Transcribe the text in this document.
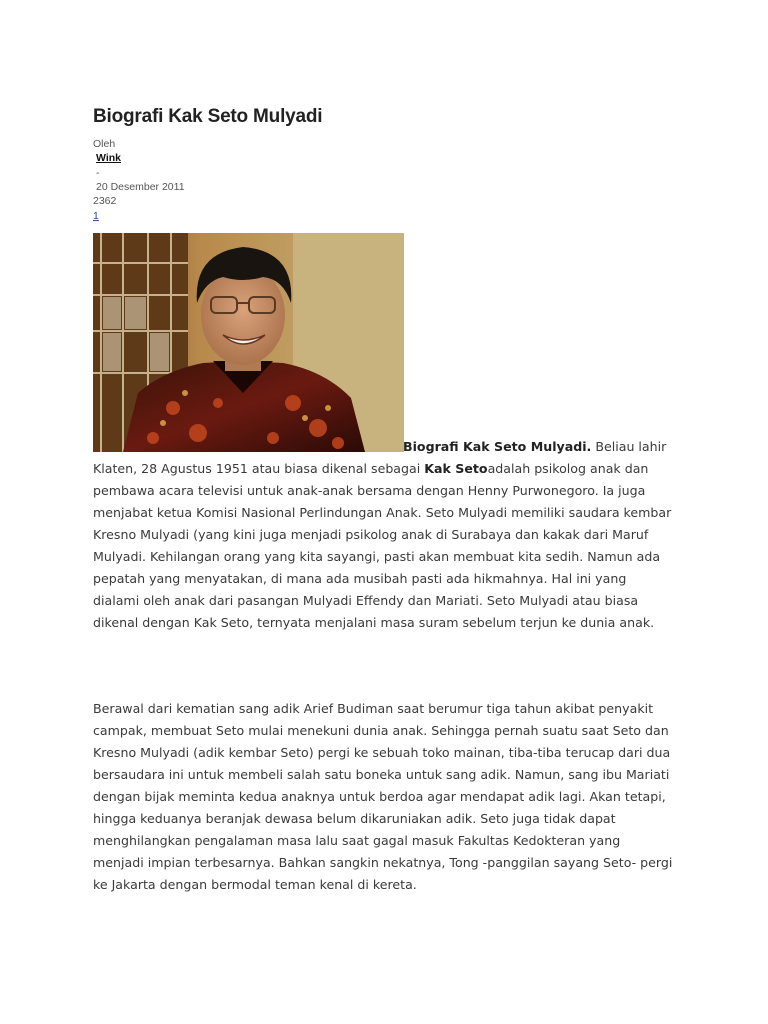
Biografi Kak Seto Mulyadi
Oleh
Wink
-
20 Desember 2011
2362
1

Biografi Kak Seto Mulyadi. Beliau lahir Klaten, 28 Agustus 1951 atau biasa dikenal sebagai Kak Setoadalah psikolog anak dan pembawa acara televisi untuk anak-anak bersama dengan Henny Purwonegoro. Ia juga menjabat ketua Komisi Nasional Perlindungan Anak. Seto Mulyadi memiliki saudara kembar Kresno Mulyadi (yang kini juga menjadi psikolog anak di Surabaya dan kakak dari Maruf Mulyadi. Kehilangan orang yang kita sayangi, pasti akan membuat kita sedih. Namun ada pepatah yang menyatakan, di mana ada musibah pasti ada hikmahnya. Hal ini yang dialami oleh anak dari pasangan Mulyadi Effendy dan Mariati. Seto Mulyadi atau biasa dikenal dengan Kak Seto, ternyata menjalani masa suram sebelum terjun ke dunia anak.

Berawal dari kematian sang adik Arief Budiman saat berumur tiga tahun akibat penyakit campak, membuat Seto mulai menekuni dunia anak. Sehingga pernah suatu saat Seto dan Kresno Mulyadi (adik kembar Seto) pergi ke sebuah toko mainan, tiba-tiba terucap dari dua bersaudara ini untuk membeli salah satu boneka untuk sang adik. Namun, sang ibu Mariati dengan bijak meminta kedua anaknya untuk berdoa agar mendapat adik lagi. Akan tetapi, hingga keduanya beranjak dewasa belum dikaruniakan adik. Seto juga tidak dapat menghilangkan pengalaman masa lalu saat gagal masuk Fakultas Kedokteran yang menjadi impian terbesarnya. Bahkan sangkin nekatnya, Tong -panggilan sayang Seto- pergi ke Jakarta dengan bermodal teman kenal di kereta.
